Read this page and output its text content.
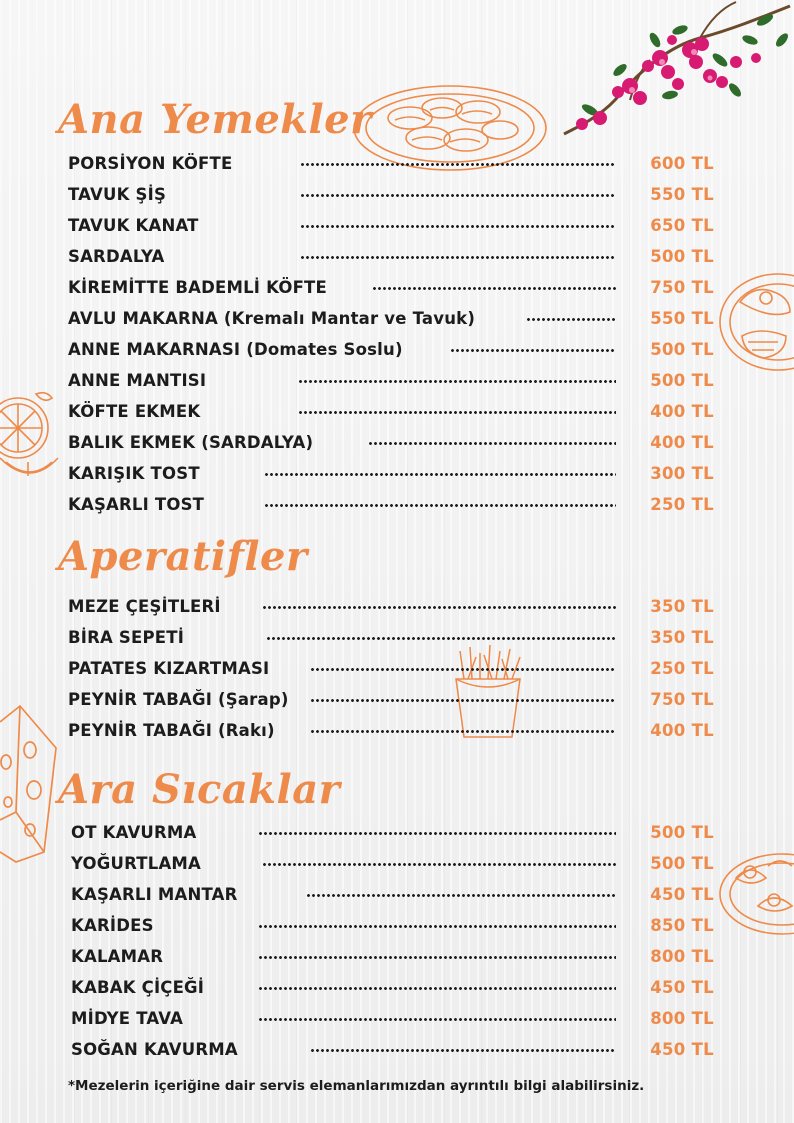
Ana Yemekler
PORSİYON KÖFTE	600 TL
TAVUK ŞİŞ	550 TL
TAVUK KANAT	650 TL
SARDALYA	500 TL
KİREMİTTE BADEMLİ KÖFTE	750 TL
AVLU MAKARNA (Kremalı Mantar ve Tavuk)	550 TL
ANNE MAKARNASI (Domates Soslu)	500 TL
ANNE MANTISI	500 TL
KÖFTE EKMEK	400 TL
BALIK EKMEK (SARDALYA)	400 TL
KARIŞIK TOST	300 TL
KAŞARLI TOST	250 TL
Aperatifler
MEZE ÇEŞİTLERİ	350 TL
BİRA SEPETİ	350 TL
PATATES KIZARTMASI	250 TL
PEYNİR TABAĞI (Şarap)	750 TL
PEYNİR TABAĞI (Rakı)	400 TL
Ara Sıcaklar
OT KAVURMA	500 TL
YOĞURTLAMA	500 TL
KAŞARLI MANTAR	450 TL
KARİDES	850 TL
KALAMAR	800 TL
KABAK ÇİÇEĞİ	450 TL
MİDYE TAVA	800 TL
SOĞAN KAVURMA	450 TL

*Mezelerin içeriğine dair servis elemanlarımızdan ayrıntılı bilgi alabilirsiniz.
